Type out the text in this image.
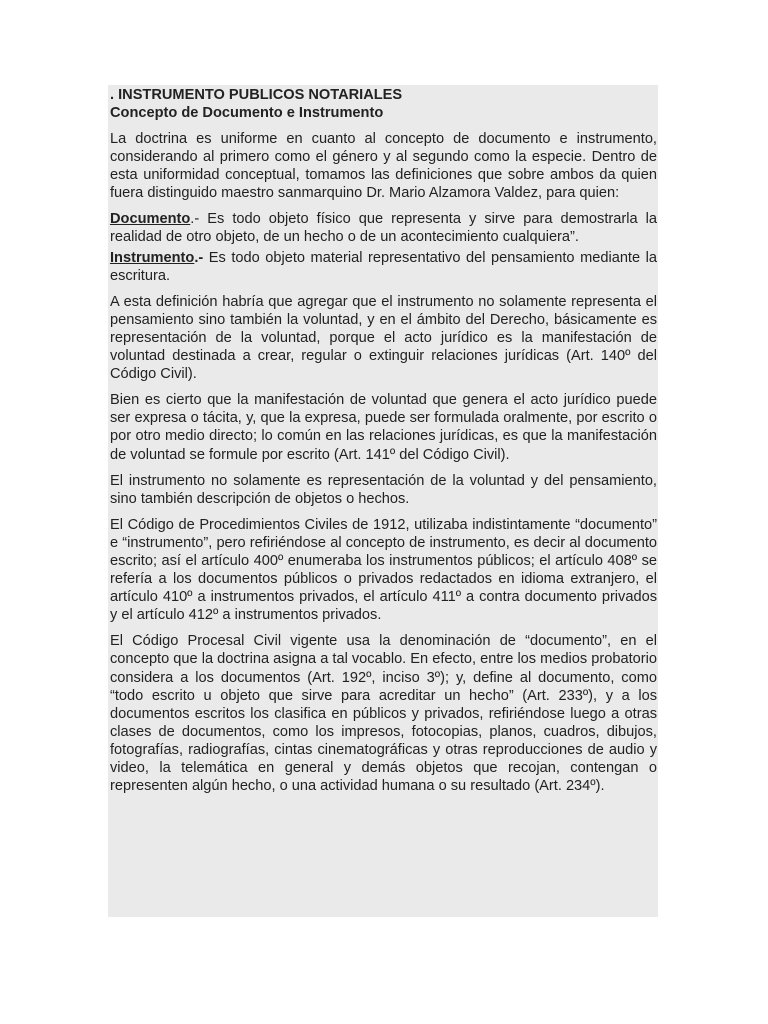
. INSTRUMENTO PUBLICOS NOTARIALES
Concepto de Documento e Instrumento

La doctrina es uniforme en cuanto al concepto de documento e instrumento, considerando al primero como el género y al segundo como la especie. Dentro de esta uniformidad conceptual, tomamos las definiciones que sobre ambos da quien fuera distinguido maestro sanmarquino Dr. Mario Alzamora Valdez, para quien:

Documento.- Es todo objeto físico que representa y sirve para demostrarla la realidad de otro objeto, de un hecho o de un acontecimiento cualquiera”.

Instrumento.- Es todo objeto material representativo del pensamiento mediante la escritura.

A esta definición habría que agregar que el instrumento no solamente representa el pensamiento sino también la voluntad, y en el ámbito del Derecho, básicamente es representación de la voluntad, porque el acto jurídico es la manifestación de voluntad destinada a crear, regular o extinguir relaciones jurídicas (Art. 140º del Código Civil).

Bien es cierto que la manifestación de voluntad que genera el acto jurídico puede ser expresa o tácita, y, que la expresa, puede ser formulada oralmente, por escrito o por otro medio directo; lo común en las relaciones jurídicas, es que la manifestación de voluntad se formule por escrito (Art. 141º del Código Civil).

El instrumento no solamente es representación de la voluntad y del pensamiento, sino también descripción de objetos o hechos.

El Código de Procedimientos Civiles de 1912, utilizaba indistintamente “documento” e “instrumento”, pero refiriéndose al concepto de instrumento, es decir al documento escrito; así el artículo 400º enumeraba los instrumentos públicos; el artículo 408º se refería a los documentos públicos o privados redactados en idioma extranjero, el artículo 410º a instrumentos privados, el artículo 411º a contra documento privados y el artículo 412º a instrumentos privados.

El Código Procesal Civil vigente usa la denominación de “documento”, en el concepto que la doctrina asigna a tal vocablo. En efecto, entre los medios probatorio considera a los documentos (Art. 192º, inciso 3º); y, define al documento, como “todo escrito u objeto que sirve para acreditar un hecho” (Art. 233º), y a los documentos escritos los clasifica en públicos y privados, refiriéndose luego a otras clases de documentos, como los impresos, fotocopias, planos, cuadros, dibujos, fotografías, radiografías, cintas cinematográficas y otras reproducciones de audio y video, la telemática en general y demás objetos que recojan, contengan o representen algún hecho, o una actividad humana o su resultado (Art. 234º).
